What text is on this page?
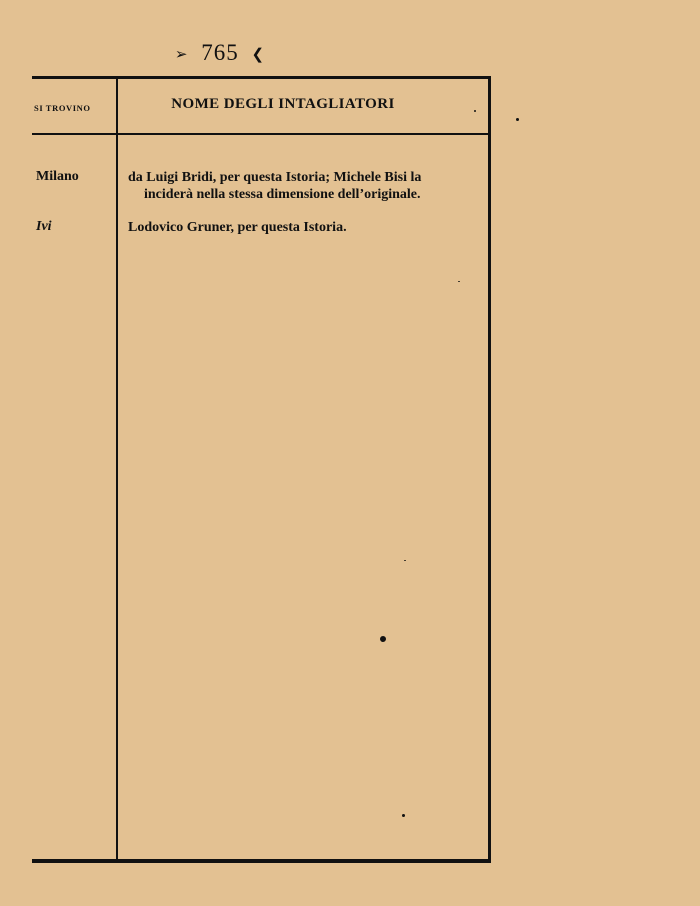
➢ 765 ❮
SI TROVINO	NOME DEGLI INTAGLIATORI
Milano	da Luigi Bridi, per questa Istoria; Michele Bisi la
inciderà nella stessa dimensione dell’originale.
Ivi	Lodovico Gruner, per questa Istoria.
